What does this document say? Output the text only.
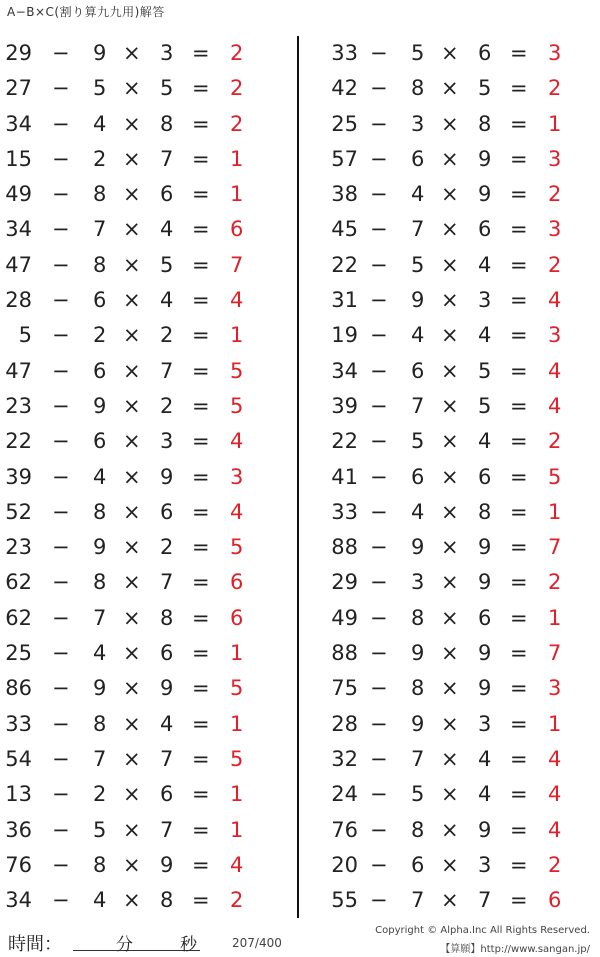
A−B×C(割り算九九用)解答
29 − 9 × 3 = 2
27 − 5 × 5 = 2
34 − 4 × 8 = 2
15 − 2 × 7 = 1
49 − 8 × 6 = 1
34 − 7 × 4 = 6
47 − 8 × 5 = 7
28 − 6 × 4 = 4
5 − 2 × 2 = 1
47 − 6 × 7 = 5
23 − 9 × 2 = 5
22 − 6 × 3 = 4
39 − 4 × 9 = 3
52 − 8 × 6 = 4
23 − 9 × 2 = 5
62 − 8 × 7 = 6
62 − 7 × 8 = 6
25 − 4 × 6 = 1
86 − 9 × 9 = 5
33 − 8 × 4 = 1
54 − 7 × 7 = 5
13 − 2 × 6 = 1
36 − 5 × 7 = 1
76 − 8 × 9 = 4
34 − 4 × 8 = 2
33 − 5 × 6 = 3
42 − 8 × 5 = 2
25 − 3 × 8 = 1
57 − 6 × 9 = 3
38 − 4 × 9 = 2
45 − 7 × 6 = 3
22 − 5 × 4 = 2
31 − 9 × 3 = 4
19 − 4 × 4 = 3
34 − 6 × 5 = 4
39 − 7 × 5 = 4
22 − 5 × 4 = 2
41 − 6 × 6 = 5
33 − 4 × 8 = 1
88 − 9 × 9 = 7
29 − 3 × 9 = 2
49 − 8 × 6 = 1
88 − 9 × 9 = 7
75 − 8 × 9 = 3
28 − 9 × 3 = 1
32 − 7 × 4 = 4
24 − 5 × 4 = 4
76 − 8 × 9 = 4
20 − 6 × 3 = 2
55 − 7 × 7 = 6
時間：	分	秒	207/400
Copyright © Alpha.Inc All Rights Reserved.
【算願】http://www.sangan.jp/
